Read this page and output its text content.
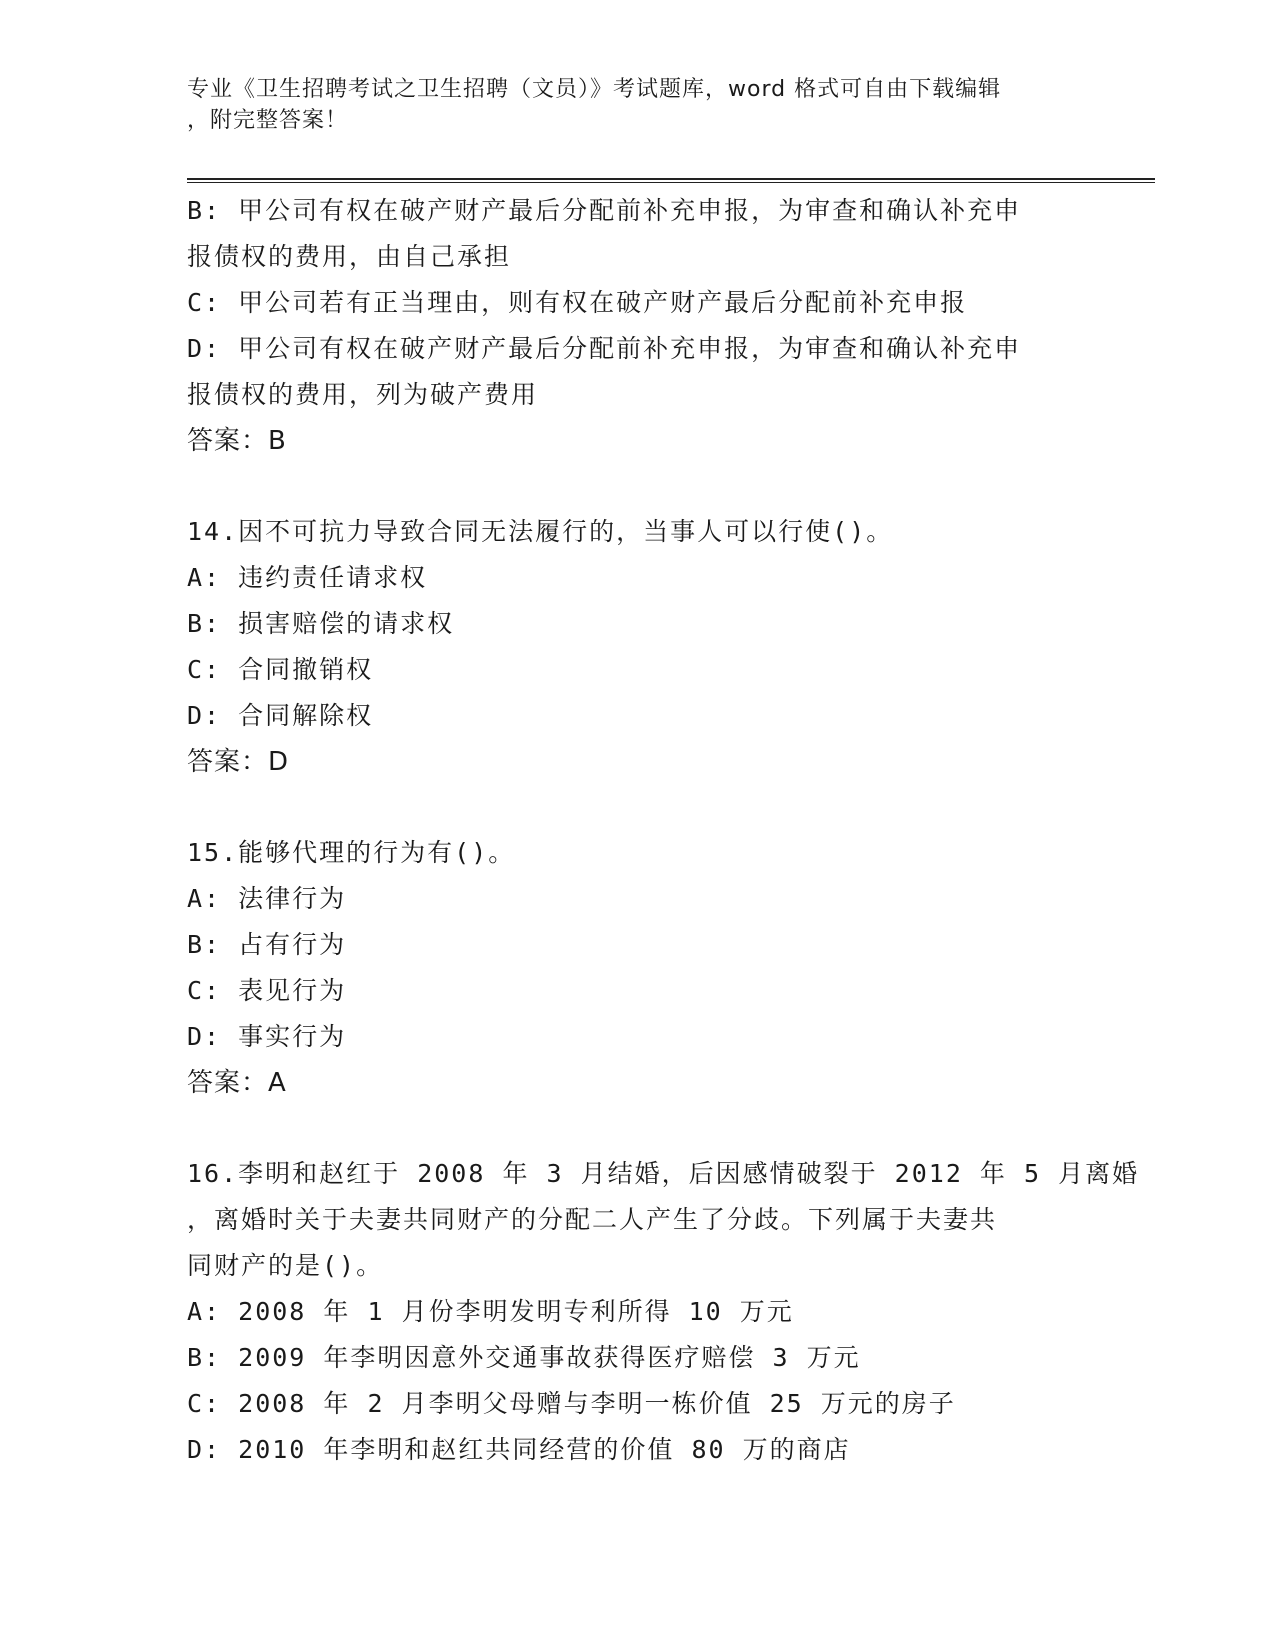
专业《卫生招聘考试之卫生招聘（文员）》考试题库，word 格式可自由下载编辑
，附完整答案！
B: 甲公司有权在破产财产最后分配前补充申报，为审查和确认补充申
报债权的费用，由自己承担
C: 甲公司若有正当理由，则有权在破产财产最后分配前补充申报
D: 甲公司有权在破产财产最后分配前补充申报，为审查和确认补充申
报债权的费用，列为破产费用
答案：B
14.因不可抗力导致合同无法履行的，当事人可以行使()。
A: 违约责任请求权
B: 损害赔偿的请求权
C: 合同撤销权
D: 合同解除权
答案：D
15.能够代理的行为有()。
A: 法律行为
B: 占有行为
C: 表见行为
D: 事实行为
答案：A
16.李明和赵红于 2008 年 3 月结婚，后因感情破裂于 2012 年 5 月离婚
，离婚时关于夫妻共同财产的分配二人产生了分歧。下列属于夫妻共
同财产的是()。
A: 2008 年 1 月份李明发明专利所得 10 万元
B: 2009 年李明因意外交通事故获得医疗赔偿 3 万元
C: 2008 年 2 月李明父母赠与李明一栋价值 25 万元的房子
D: 2010 年李明和赵红共同经营的价值 80 万的商店
